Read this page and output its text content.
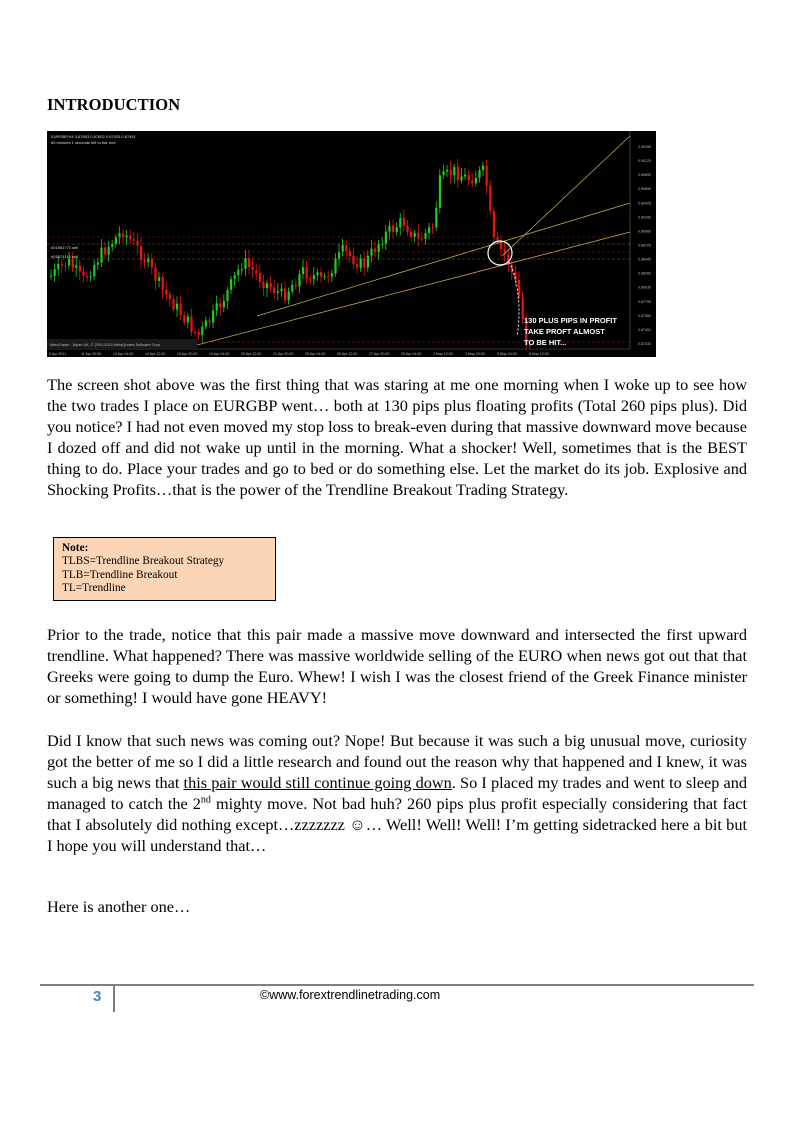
INTRODUCTION
EURGBP,H4 0.87603 0.87602 0.87425 0.87451
60 minutes 1 seconds left to bar end
#01981771 sell
#01874114 sell
130 PLUS PIPS IN PROFIT
TAKE PROFT ALMOST
TO BE HIT...
MetaTrader - Alpari UK, © 2001-2010 MetaQuotes Software Corp.
0.90355
0.90120
0.89890
0.89655
0.89425
0.89190
0.88960
0.88725
0.88495
0.88260
0.88030
0.87795
0.87560
0.87451
0.87330
8 Apr 2011	11 Apr 20:00	13 Apr 04:00	14 Apr 12:00	15 Apr 20:00	19 Apr 04:00	20 Apr 12:00	21 Apr 20:00	25 Apr 04:00	26 Apr 12:00	27 Apr 20:00	29 Apr 04:00	2 May 12:00	3 May 20:00	5 May 04:00	6 May 12:00

The screen shot above was the first thing that was staring at me one morning when I woke up to see how the two trades I place on EURGBP went… both at 130 pips plus floating profits (Total 260 pips plus). Did you notice? I had not even moved my stop loss to break-even during that massive downward move because I dozed off and did not wake up until in the morning. What a shocker! Well, sometimes that is the BEST thing to do. Place your trades and go to bed or do something else. Let the market do its job. Explosive and Shocking Profits…that is the power of the Trendline Breakout Trading Strategy.

Note:
TLBS=Trendline Breakout Strategy
TLB=Trendline Breakout
TL=Trendline

Prior to the trade, notice that this pair made a massive move downward and intersected the first upward trendline. What happened? There was massive worldwide selling of the EURO when news got out that that Greeks were going to dump the Euro. Whew! I wish I was the closest friend of the Greek Finance minister or something! I would have gone HEAVY!

Did I know that such news was coming out? Nope! But because it was such a big unusual move, curiosity got the better of me so I did a little research and found out the reason why that happened and I knew, it was such a big news that this pair would still continue going down. So I placed my trades and went to sleep and managed to catch the 2nd mighty move. Not bad huh? 260 pips plus profit especially considering that fact that I absolutely did nothing except…zzzzzzz ☺… Well! Well! Well! I’m getting sidetracked here a bit but I hope you will understand that…

Here is another one…

3	©www.forextrendlinetrading.com
